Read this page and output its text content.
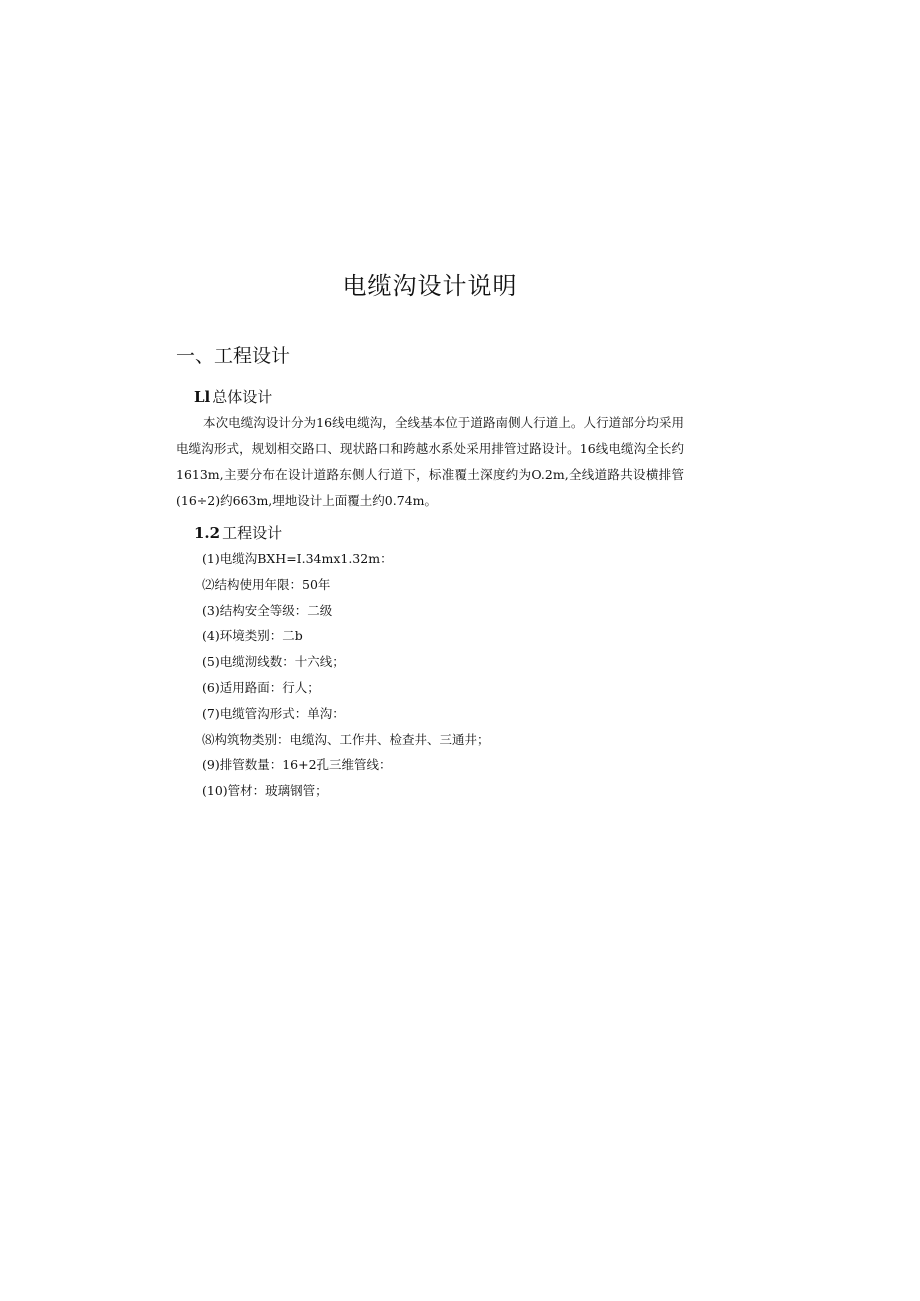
电缆沟设计说明
一、工程设计
Ll 总体设计

本次电缆沟设计分为16线电缆沟，全线基本位于道路南侧人行道上。人行道部分均采用电缆沟形式，规划相交路口、现状路口和跨越水系处采用排管过路设计。16线电缆沟全长约1613m,主要分布在设计道路东侧人行道下，标准覆土深度约为O.2m,全线道路共设横排管(16÷2)约663m,埋地设计上面覆土约0.74m。

1.2 工程设计
(1)电缆沟BXH=I.34mx1.32m：
⑵结构使用年限：50年
(3)结构安全等级：二级
(4)环境类别：二b
(5)电缆沏线数：十六线；
(6)适用路面：行人；
(7)电缆管沟形式：单沟：
⑻构筑物类别：电缆沟、工作井、检查井、三通井；
(9)排管数量：16+2孔三维管线：
(10)管材：玻璃钢管；
